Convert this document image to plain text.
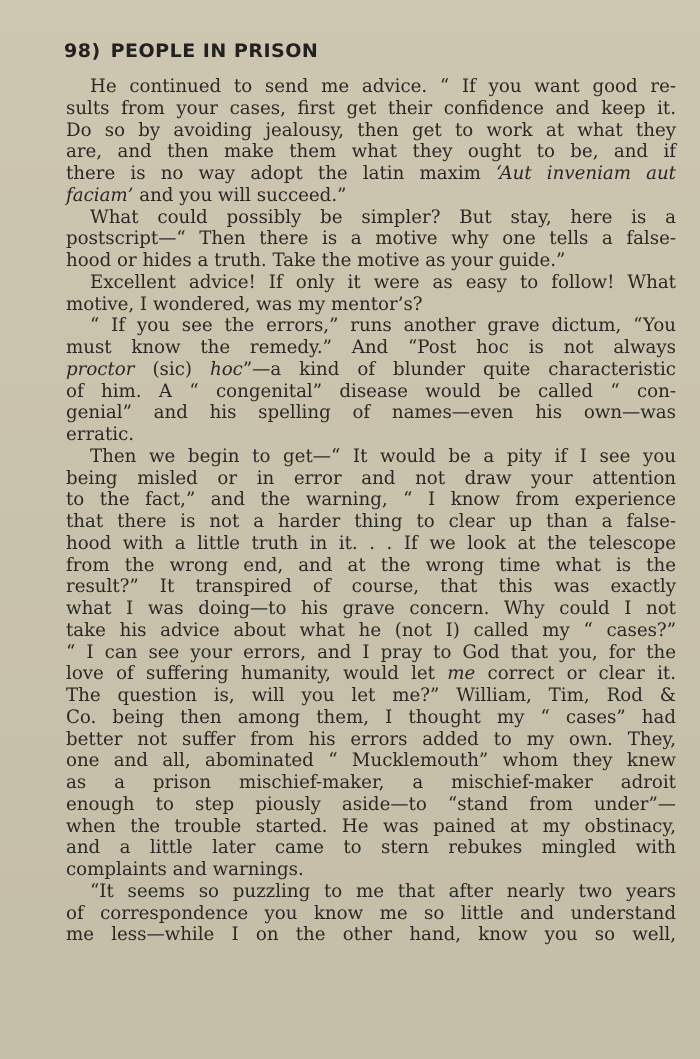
98) PEOPLE IN PRISON
He continued to send me advice. “ If you want good re-
sults from your cases, first get their confidence and keep it.
Do so by avoiding jealousy, then get to work at what they
are, and then make them what they ought to be, and if
there is no way adopt the latin maxim ‘Aut inveniam aut
faciam’ and you will succeed.”
What could possibly be simpler? But stay, here is a
postscript—“ Then there is a motive why one tells a false-
hood or hides a truth. Take the motive as your guide.”
Excellent advice! If only it were as easy to follow! What
motive, I wondered, was my mentor’s?
“ If you see the errors,” runs another grave dictum, “You
must know the remedy.” And “Post hoc is not always
proctor (sic) hoc”—a kind of blunder quite characteristic
of him. A “ congenital” disease would be called “ con-
genial” and his spelling of names—even his own—was
erratic.
Then we begin to get—“ It would be a pity if I see you
being misled or in error and not draw your attention
to the fact,” and the warning, “ I know from experience
that there is not a harder thing to clear up than a false-
hood with a little truth in it. . . If we look at the telescope
from the wrong end, and at the wrong time what is the
result?” It transpired of course, that this was exactly
what I was doing—to his grave concern. Why could I not
take his advice about what he (not I) called my “ cases?”
“ I can see your errors, and I pray to God that you, for the
love of suffering humanity, would let me correct or clear it.
The question is, will you let me?” William, Tim, Rod &
Co. being then among them, I thought my “ cases” had
better not suffer from his errors added to my own. They,
one and all, abominated “ Mucklemouth” whom they knew
as a prison mischief-maker, a mischief-maker adroit
enough to step piously aside—to “stand from under”—
when the trouble started. He was pained at my obstinacy,
and a little later came to stern rebukes mingled with
complaints and warnings.
“It seems so puzzling to me that after nearly two years
of correspondence you know me so little and understand
me less—while I on the other hand, know you so well,
